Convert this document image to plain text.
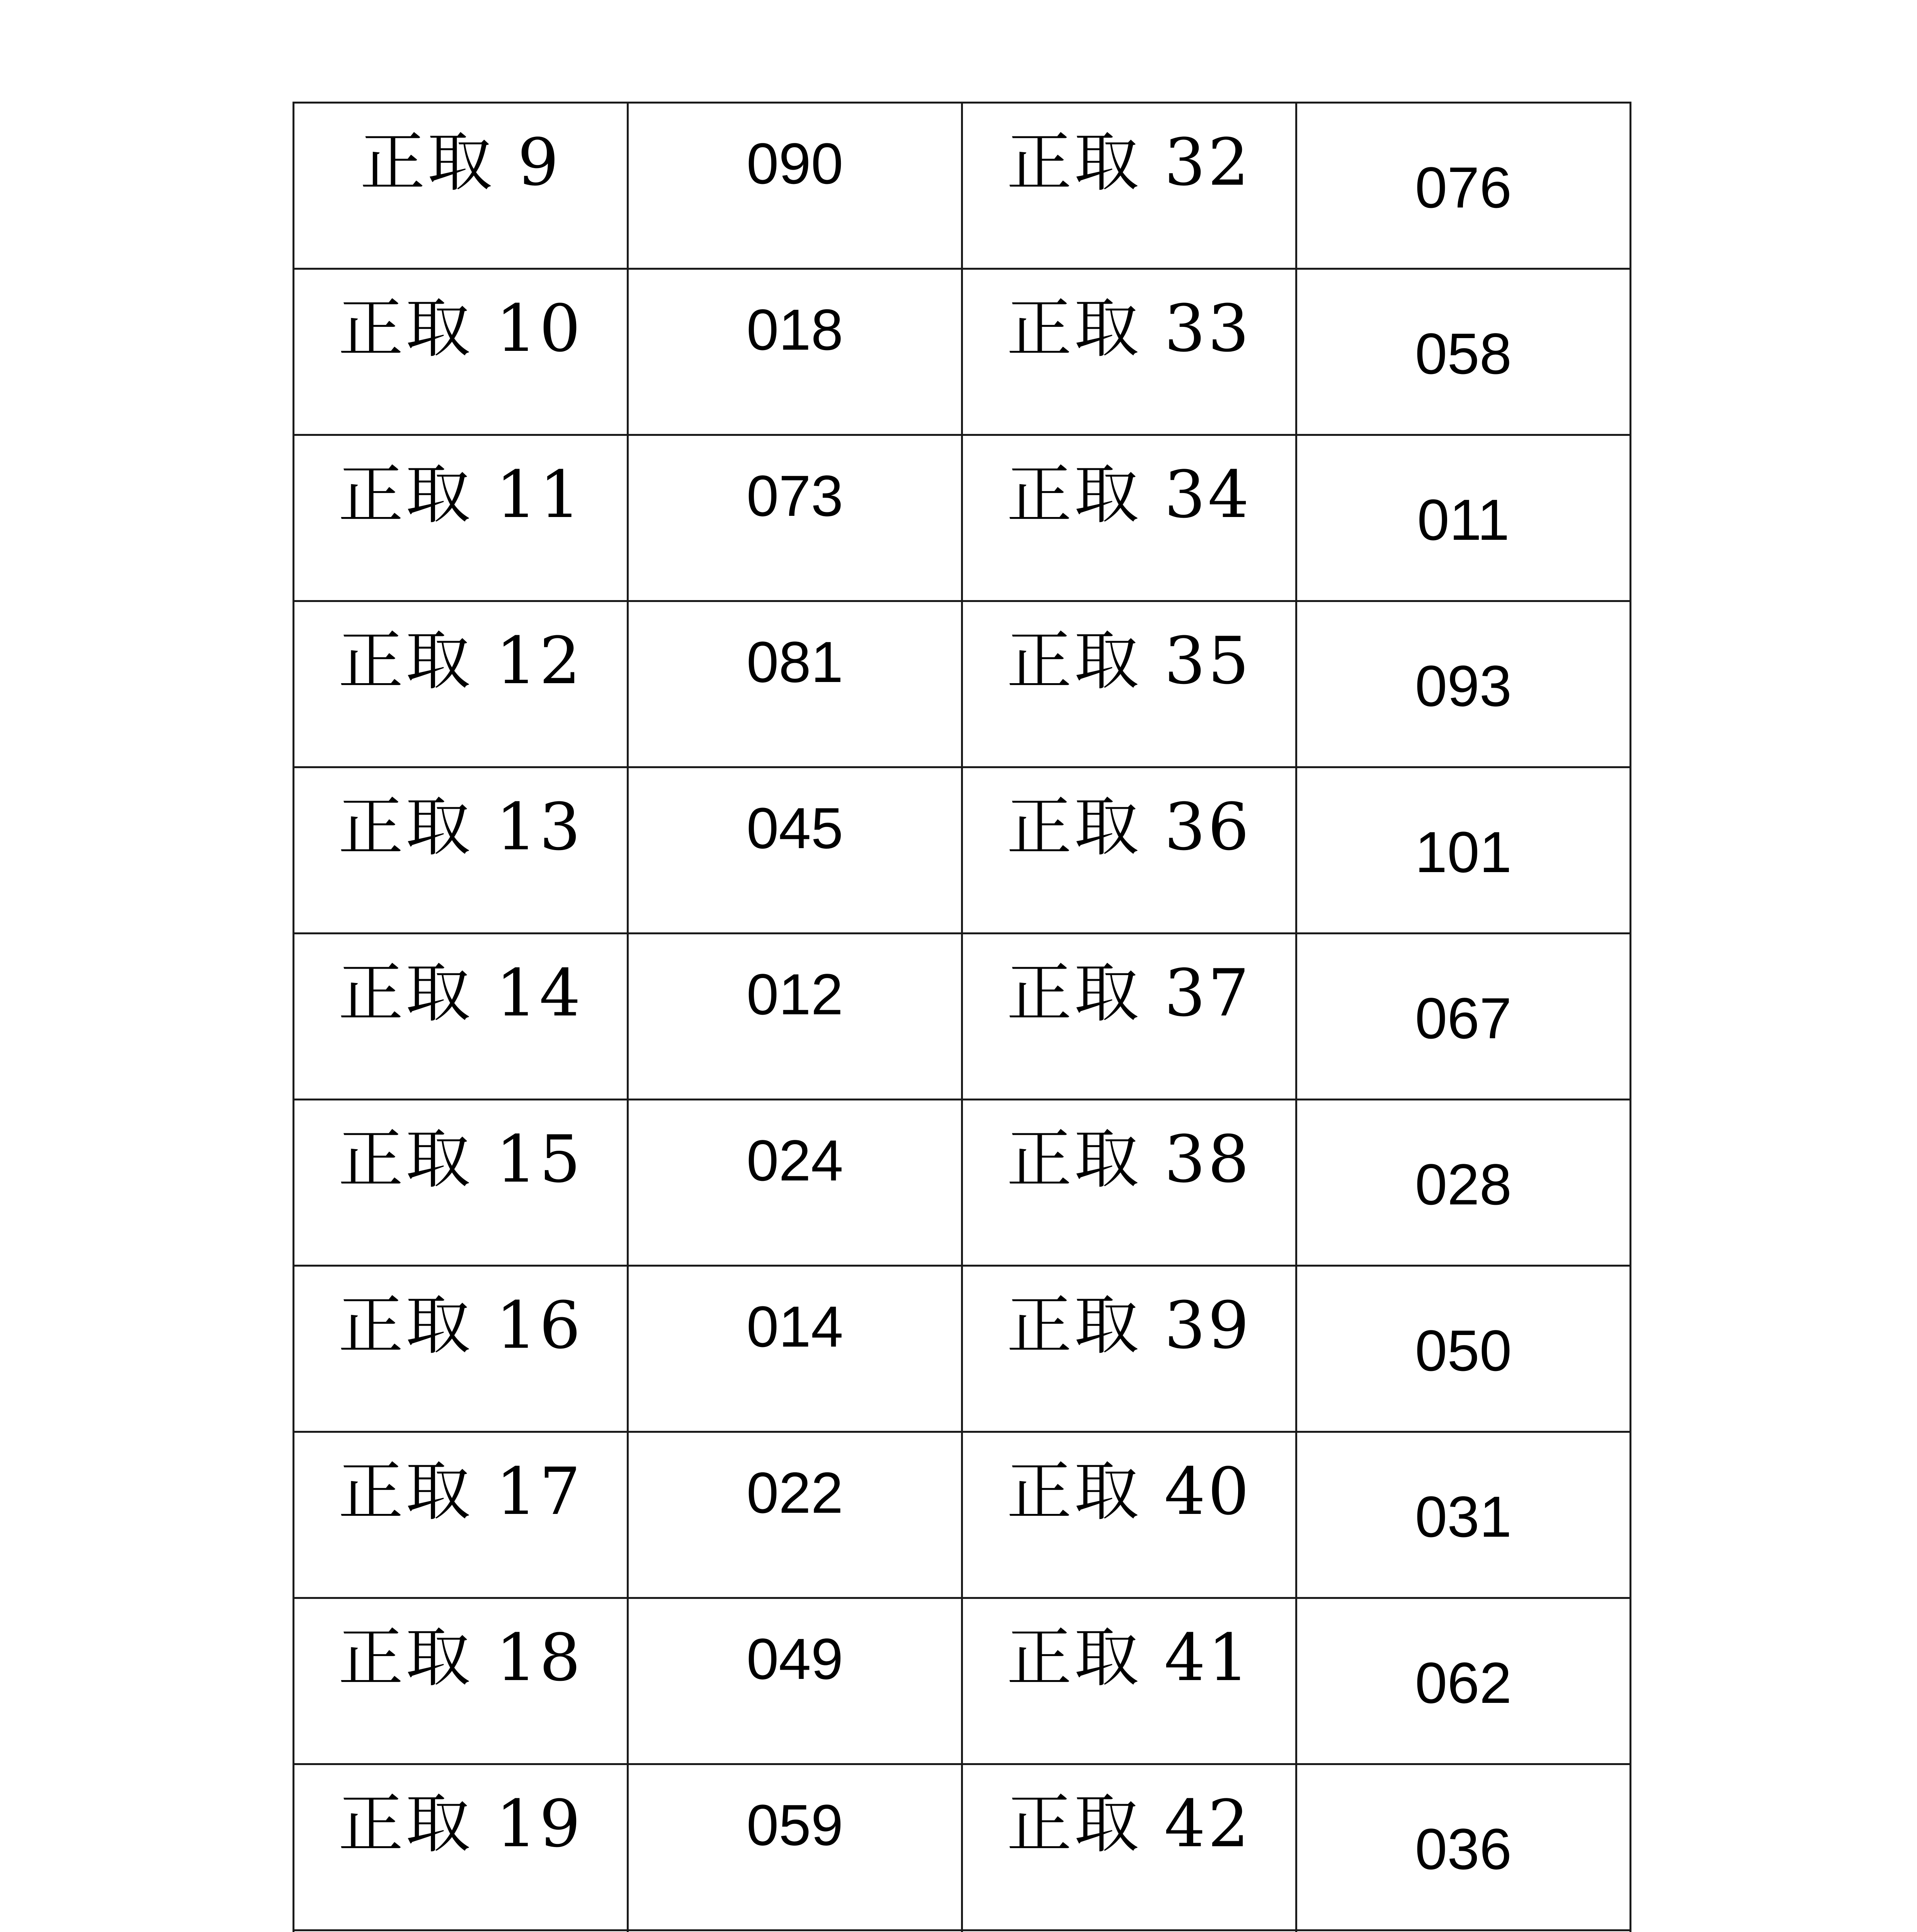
正取 9	090	正取 32	076

正取 10	018	正取 33	058

正取 11	073	正取 34	011

正取 12	081	正取 35	093

正取 13	045	正取 36	101

正取 14	012	正取 37	067

正取 15	024	正取 38	028

正取 16	014	正取 39	050

正取 17	022	正取 40	031

正取 18	049	正取 41	062

正取 19	059	正取 42	036
